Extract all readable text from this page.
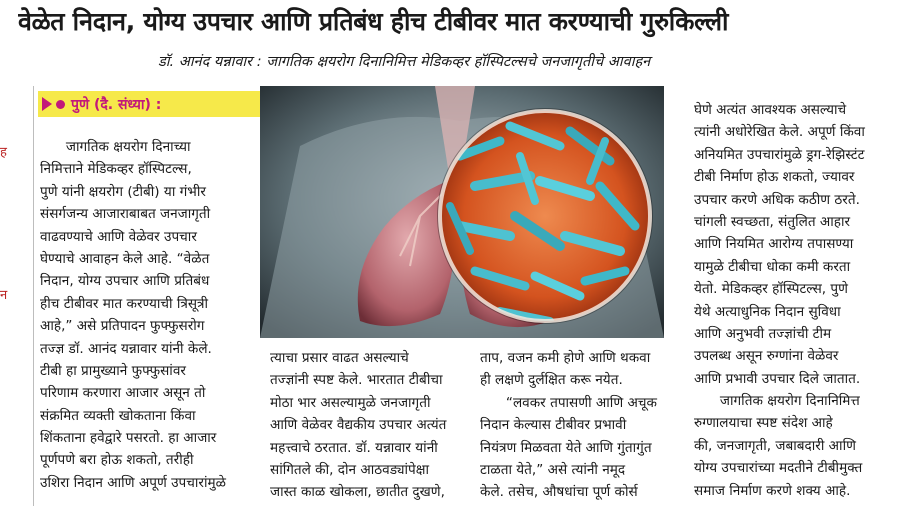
वेळेत निदान, योग्य उपचार आणि प्रतिबंध हीच टीबीवर मात करण्याची गुरुकिल्ली
डॉ. आनंद यन्नावार : जागतिक क्षयरोग दिनानिमित्त मेडिकव्हर हॉस्पिटल्सचे जनजागृतीचे आवाहन
ह
न
पुणे (दै. संध्या) :
जागतिक क्षयरोग दिनाच्या
निमित्ताने मेडिकव्हर हॉस्पिटल्स,
पुणे यांनी क्षयरोग (टीबी) या गंभीर
संसर्गजन्य आजाराबाबत जनजागृती
वाढवण्याचे आणि वेळेवर उपचार
घेण्याचे आवाहन केले आहे. “वेळेत
निदान, योग्य उपचार आणि प्रतिबंध
हीच टीबीवर मात करण्याची त्रिसूत्री
आहे,” असे प्रतिपादन फुफ्फुसरोग
तज्ज्ञ डॉ. आनंद यन्नावार यांनी केले.
टीबी हा प्रामुख्याने फुफ्फुसांवर
परिणाम करणारा आजार असून तो
संक्रमित व्यक्ती खोकताना किंवा
शिंकताना हवेद्वारे पसरतो. हा आजार
पूर्णपणे बरा होऊ शकतो, तरीही
उशिरा निदान आणि अपूर्ण उपचारांमुळे
त्याचा प्रसार वाढत असल्याचे
तज्ज्ञांनी स्पष्ट केले. भारतात टीबीचा
मोठा भार असल्यामुळे जनजागृती
आणि वेळेवर वैद्यकीय उपचार अत्यंत
महत्त्वाचे ठरतात. डॉ. यन्नावार यांनी
सांगितले की, दोन आठवड्यांपेक्षा
जास्त काळ खोकला, छातीत दुखणे,
ताप, वजन कमी होणे आणि थकवा
ही लक्षणे दुर्लक्षित करू नयेत.
“लवकर तपासणी आणि अचूक
निदान केल्यास टीबीवर प्रभावी
नियंत्रण मिळवता येते आणि गुंतागुंत
टाळता येते,” असे त्यांनी नमूद
केले. तसेच, औषधांचा पूर्ण कोर्स
घेणे अत्यंत आवश्यक असल्याचे
त्यांनी अधोरेखित केले. अपूर्ण किंवा
अनियमित उपचारांमुळे ड्रग-रेझिस्टंट
टीबी निर्माण होऊ शकतो, ज्यावर
उपचार करणे अधिक कठीण ठरते.
चांगली स्वच्छता, संतुलित आहार
आणि नियमित आरोग्य तपासण्या
यामुळे टीबीचा धोका कमी करता
येतो. मेडिकव्हर हॉस्पिटल्स, पुणे
येथे अत्याधुनिक निदान सुविधा
आणि अनुभवी तज्ज्ञांची टीम
उपलब्ध असून रुग्णांना वेळेवर
आणि प्रभावी उपचार दिले जातात.
जागतिक क्षयरोग दिनानिमित्त
रुग्णालयाचा स्पष्ट संदेश आहे
की, जनजागृती, जबाबदारी आणि
योग्य उपचारांच्या मदतीने टीबीमुक्त
समाज निर्माण करणे शक्य आहे.
